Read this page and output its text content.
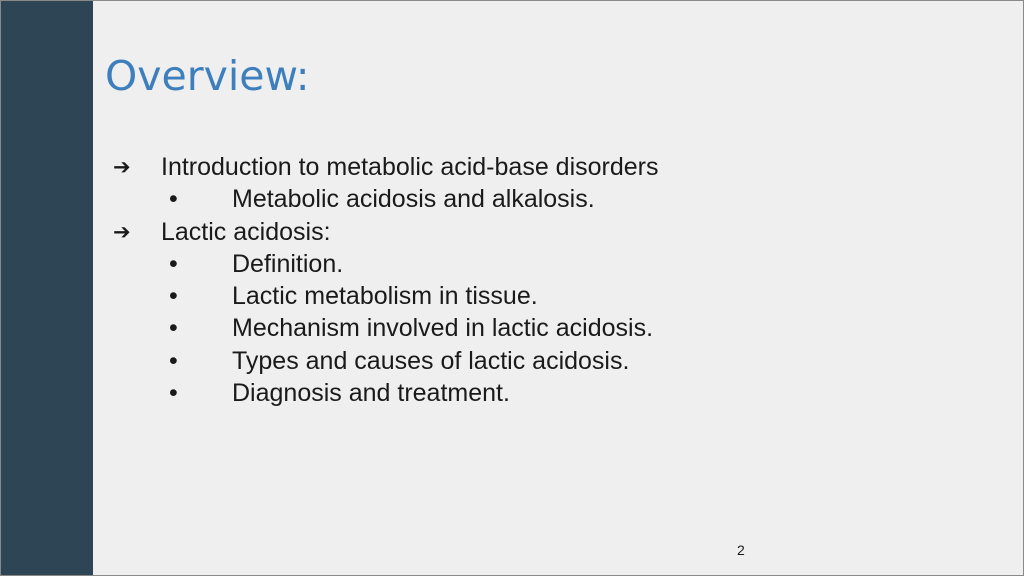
Overview:
➔	Introduction to metabolic acid-base disorders
•	Metabolic acidosis and alkalosis.
➔	Lactic acidosis:
•	Definition.
•	Lactic metabolism in tissue.
•	Mechanism involved in lactic acidosis.
•	Types and causes of lactic acidosis.
•	Diagnosis and treatment.
2
